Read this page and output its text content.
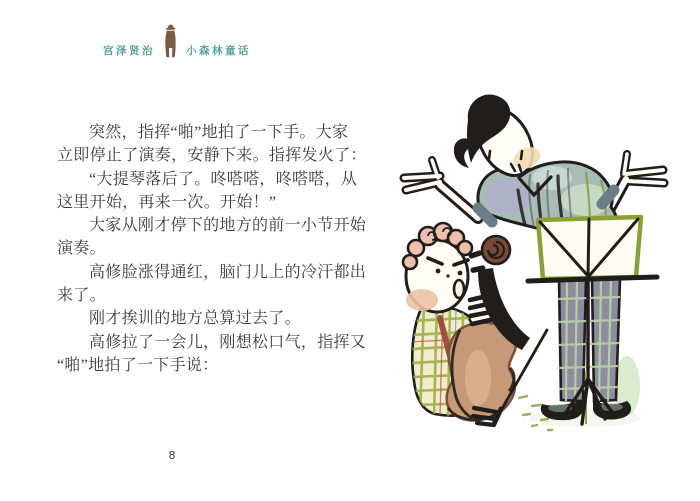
宫泽贤治	小森林童话
突然，指挥“啪”地拍了一下手。大家
立即停止了演奏，安静下来。指挥发火了：
“大提琴落后了。咚嗒嗒，咚嗒嗒，从
这里开始，再来一次。开始！”
大家从刚才停下的地方的前一小节开始
演奏。
高修脸涨得通红，脑门儿上的冷汗都出
来了。
刚才挨训的地方总算过去了。
高修拉了一会儿，刚想松口气，指挥又
“啪”地拍了一下手说：
8
